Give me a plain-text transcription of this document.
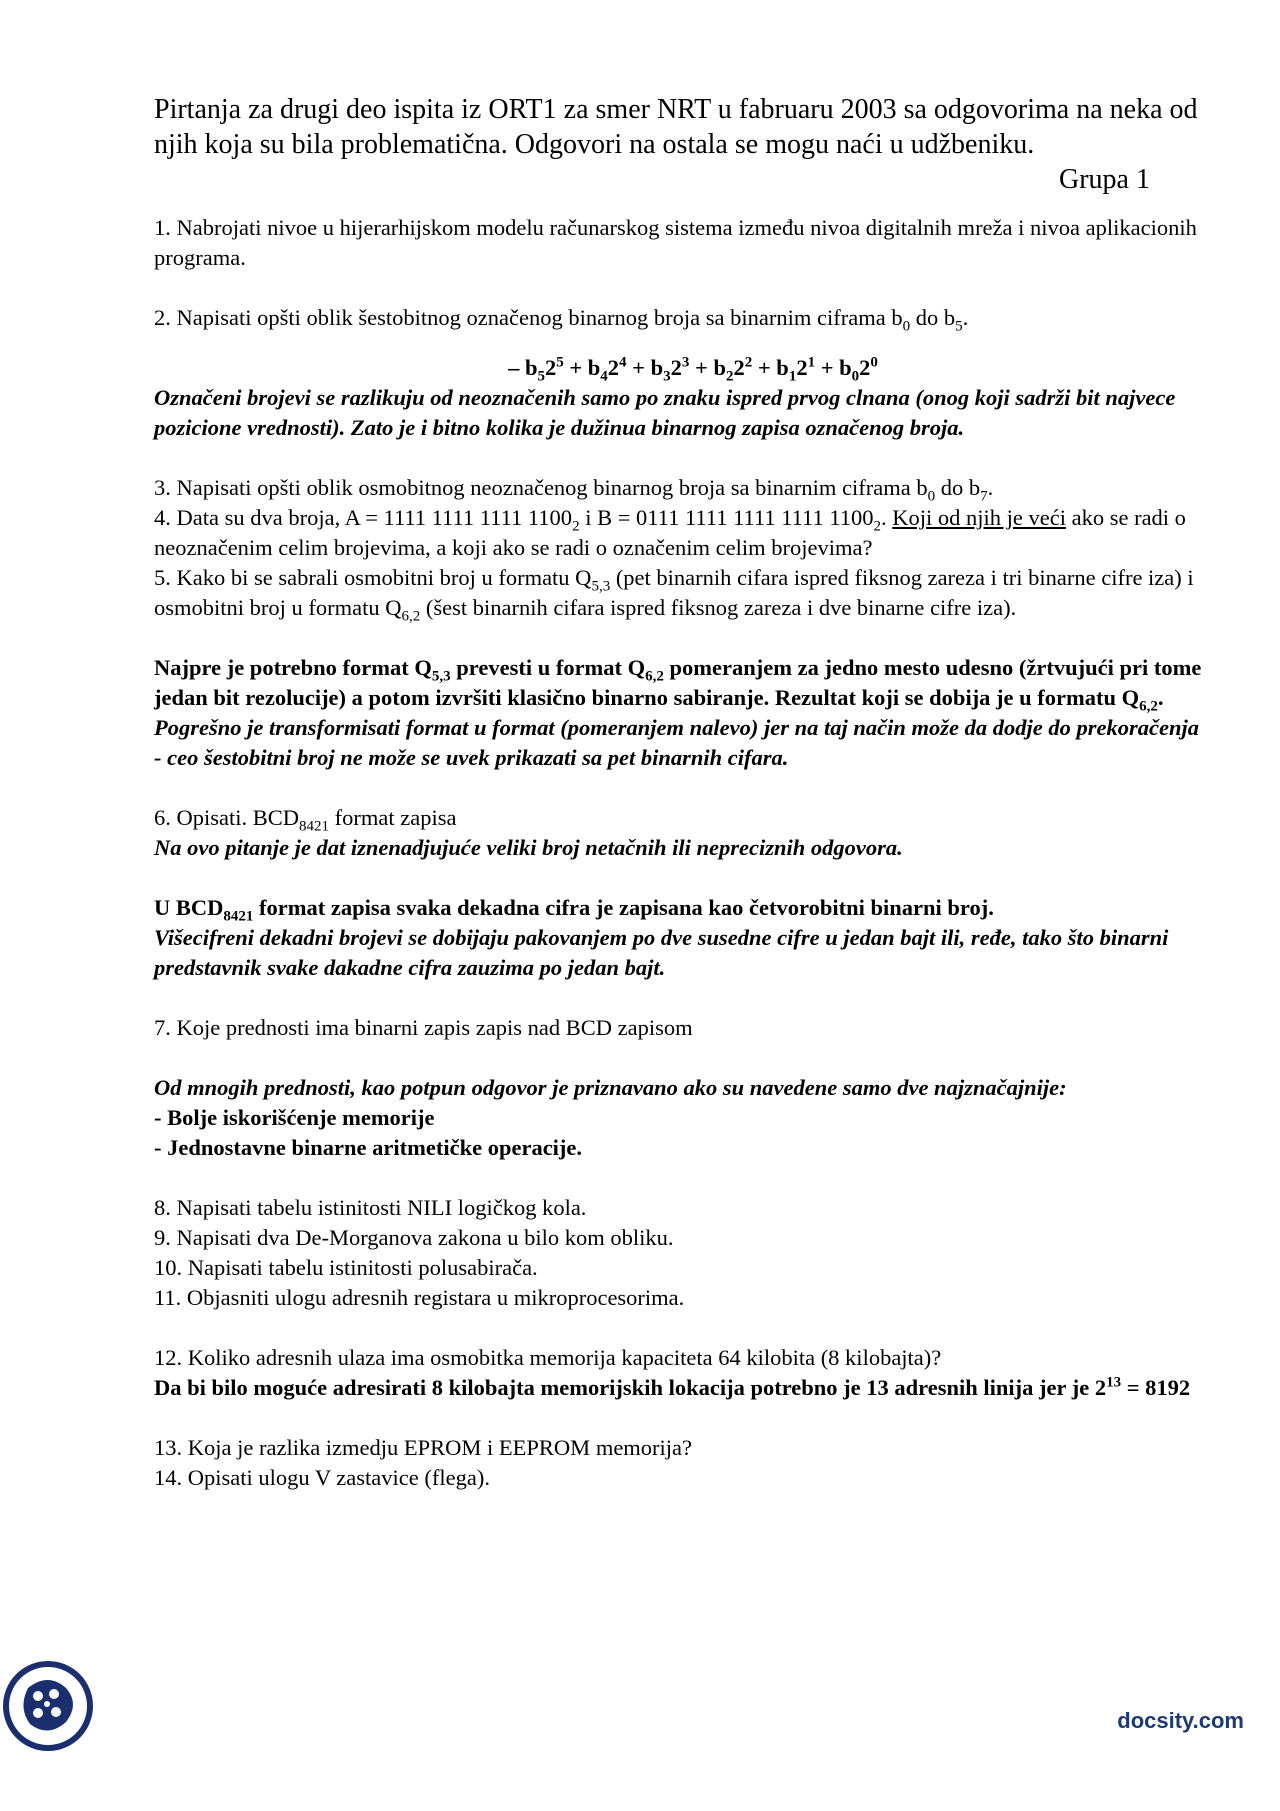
Pirtanja za drugi deo ispita iz ORT1 za smer NRT u fabruaru 2003 sa odgovorima na neka od njih koja su bila problematična. Odgovori na ostala se mogu naći u udžbeniku.

Grupa 1

1. Nabrojati nivoe u hijerarhijskom modelu računarskog sistema između nivoa digitalnih mreža i nivoa aplikacionih programa.

2. Napisati opšti oblik šestobitnog označenog binarnog broja sa binarnim ciframa $b_0$ do $b_5$.

– $b_52^5 + b_42^4 + b_32^3 + b_22^2 + b_12^1 + b_02^0$

Označeni brojevi se razlikuju od neoznačenih samo po znaku ispred prvog clnana (onog koji sadrži bit najvece pozicione vrednosti). Zato je i bitno kolika je dužinua binarnog zapisa označenog broja.

3. Napisati opšti oblik osmobitnog neoznačenog binarnog broja sa binarnim ciframa $b_0$ do $b_7$.

4. Data su dva broja, A = 1111 1111 1111 $1100_2$ i B = 0111 1111 1111 1111 $1100_2$. Koji od njih je veći ako se radi o neoznačenim celim brojevima, a koji ako se radi o označenim celim brojevima?

5. Kako bi se sabrali osmobitni broj u formatu $Q_{5,3}$ (pet binarnih cifara ispred fiksnog zareza i tri binarne cifre iza) i osmobitni broj u formatu $Q_{6,2}$ (šest binarnih cifara ispred fiksnog zareza i dve binarne cifre iza).

Najpre je potrebno format $Q_{5,3}$ prevesti u format $Q_{6,2}$ pomeranjem za jedno mesto udesno (žrtvujući pri tome jedan bit rezolucije) a potom izvršiti klasično binarno sabiranje. Rezultat koji se dobija je u formatu $Q_{6,2}$. Pogrešno je transformisati format u format (pomeranjem nalevo) jer na taj način može da dodje do prekoračenja - ceo šestobitni broj ne može se uvek prikazati sa pet binarnih cifara.

6. Opisati. $BCD_{8421}$ format zapisa

Na ovo pitanje je dat iznenadjujuće veliki broj netačnih ili nepreciznih odgovora.

U $BCD_{8421}$ format zapisa svaka dekadna cifra je zapisana kao četvorobitni binarni broj.
Višecifreni dekadni brojevi se dobijaju pakovanjem po dve susedne cifre u jedan bajt ili, ređe, tako što binarni predstavnik svake dakadne cifra zauzima po jedan bajt.

7. Koje prednosti ima binarni zapis zapis nad BCD zapisom

Od mnogih prednosti, kao potpun odgovor je priznavano ako su navedene samo dve najznačajnije:

- Bolje iskorišćenje memorije

- Jednostavne binarne aritmetičke operacije.

8. Napisati tabelu istinitosti NILI logičkog kola.

9. Napisati dva De-Morganova zakona u bilo kom obliku.

10. Napisati tabelu istinitosti polusabirača.

11. Objasniti ulogu adresnih registara u mikroprocesorima.

12. Koliko adresnih ulaza ima osmobitka memorija kapaciteta 64 kilobita (8 kilobajta)?

Da bi bilo moguće adresirati 8 kilobajta memorijskih lokacija potrebno je 13 adresnih linija jer je $2^{13} = 8192$

13. Koja je razlika izmedju EPROM i EEPROM memorija?

14. Opisati ulogu V zastavice (flega).

docsity.com
